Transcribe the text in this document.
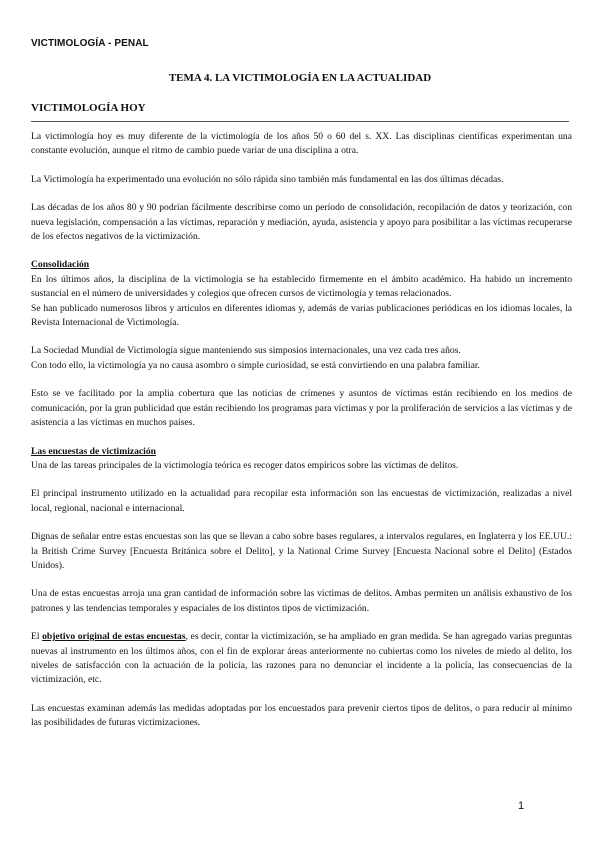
VICTIMOLOGÍA - PENAL
TEMA 4. LA VICTIMOLOGÍA EN LA ACTUALIDAD
VICTIMOLOGÍA HOY

La victimología hoy es muy diferente de la victimología de los años 50 o 60 del s. XX. Las disciplinas científicas experimentan una constante evolución, aunque el ritmo de cambio puede variar de una disciplina a otra.

La Victimología ha experimentado una evolución no sólo rápida sino también más fundamental en las dos últimas décadas.

Las décadas de los años 80 y 90 podrían fácilmente describirse como un período de consolidación, recopilación de datos y teorización, con nueva legislación, compensación a las víctimas, reparación y mediación, ayuda, asistencia y apoyo para posibilitar a las víctimas recuperarse de los efectos negativos de la victimización.

Consolidación

En los últimos años, la disciplina de la victimología se ha establecido firmemente en el ámbito académico. Ha habido un incremento sustancial en el número de universidades y colegios que ofrecen cursos de victimología y temas relacionados.

Se han publicado numerosos libros y artículos en diferentes idiomas y, además de varias publicaciones periódicas en los idiomas locales, la Revista Internacional de Victimología.

La Sociedad Mundial de Victimología sigue manteniendo sus simposios internacionales, una vez cada tres años.

Con todo ello, la victimología ya no causa asombro o simple curiosidad, se está convirtiendo en una palabra familiar.

Esto se ve facilitado por la amplia cobertura que las noticias de crímenes y asuntos de víctimas están recibiendo en los medios de comunicación, por la gran publicidad que están recibiendo los programas para víctimas y por la proliferación de servicios a las víctimas y de asistencia a las víctimas en muchos países.

Las encuestas de victimización

Una de las tareas principales de la victimología teórica es recoger datos empíricos sobre las víctimas de delitos.

El principal instrumento utilizado en la actualidad para recopilar esta información son las encuestas de victimización, realizadas a nivel local, regional, nacional e internacional.

Dignas de señalar entre estas encuestas son las que se llevan a cabo sobre bases regulares, a intervalos regulares, en Inglaterra y los EE.UU.: la British Crime Survey [Encuesta Británica sobre el Delito], y la National Crime Survey [Encuesta Nacional sobre el Delito] (Estados Unidos).

Una de estas encuestas arroja una gran cantidad de información sobre las víctimas de delitos. Ambas permiten un análisis exhaustivo de los patrones y las tendencias temporales y espaciales de los distintos tipos de victimización.

El objetivo original de estas encuestas, es decir, contar la victimización, se ha ampliado en gran medida. Se han agregado varias preguntas nuevas al instrumento en los últimos años, con el fin de explorar áreas anteriormente no cubiertas como los niveles de miedo al delito, los niveles de satisfacción con la actuación de la policía, las razones para no denunciar el incidente a la policía, las consecuencias de la victimización, etc.

Las encuestas examinan además las medidas adoptadas por los encuestados para prevenir ciertos tipos de delitos, o para reducir al mínimo las posibilidades de futuras victimizaciones.

1
